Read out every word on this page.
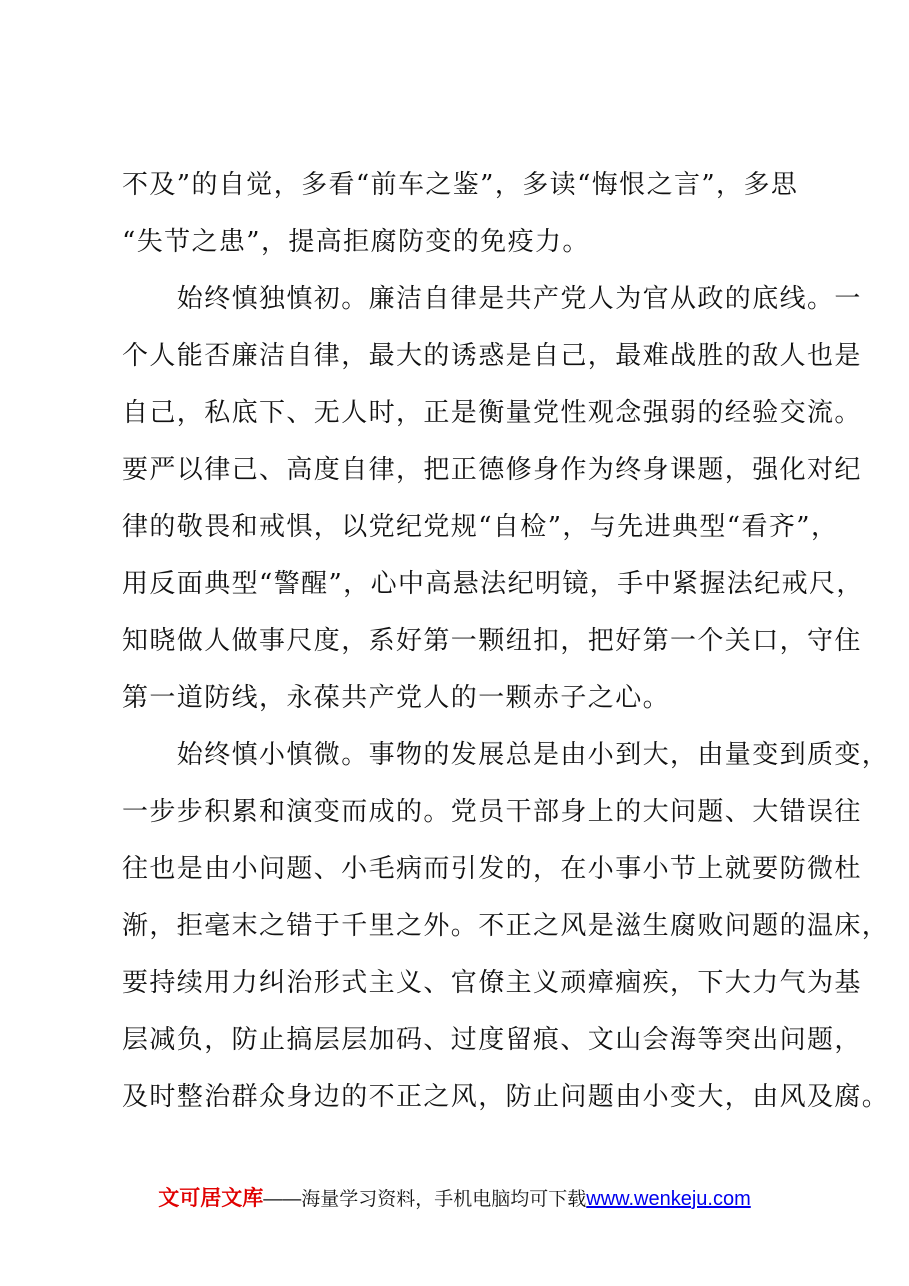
不及”的自觉，多看“前车之鉴”，多读“悔恨之言”，多思
“失节之患”，提高拒腐防变的免疫力。
　　始终慎独慎初。廉洁自律是共产党人为官从政的底线。一
个人能否廉洁自律，最大的诱惑是自己，最难战胜的敌人也是
自己，私底下、无人时，正是衡量党性观念强弱的经验交流。
要严以律己、高度自律，把正德修身作为终身课题，强化对纪
律的敬畏和戒惧，以党纪党规“自检”，与先进典型“看齐”，
用反面典型“警醒”，心中高悬法纪明镜，手中紧握法纪戒尺，
知晓做人做事尺度，系好第一颗纽扣，把好第一个关口，守住
第一道防线，永葆共产党人的一颗赤子之心。
　　始终慎小慎微。事物的发展总是由小到大，由量变到质变，
一步步积累和演变而成的。党员干部身上的大问题、大错误往
往也是由小问题、小毛病而引发的，在小事小节上就要防微杜
渐，拒毫末之错于千里之外。不正之风是滋生腐败问题的温床，
要持续用力纠治形式主义、官僚主义顽瘴痼疾，下大力气为基
层减负，防止搞层层加码、过度留痕、文山会海等突出问题，
及时整治群众身边的不正之风，防止问题由小变大，由风及腐。
文可居文库——海量学习资料，手机电脑均可下载www.wenkeju.com
